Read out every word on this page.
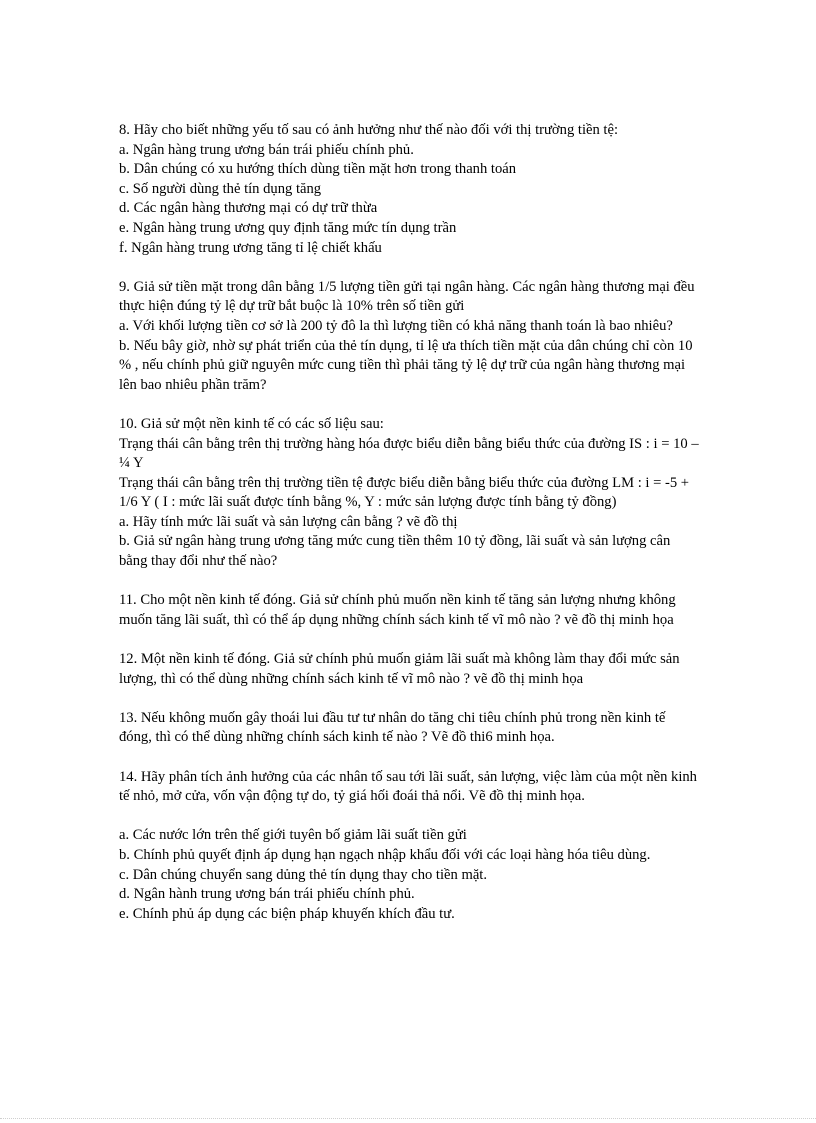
8. Hãy cho biết những yếu tố sau có ảnh hưởng như thế nào đối với thị trường tiền tệ:
a. Ngân hàng trung ương bán trái phiếu chính phủ.
b. Dân chúng có xu hướng thích dùng tiền mặt hơn trong thanh toán
c. Số người dùng thẻ tín dụng tăng
d. Các ngân hàng thương mại có dự trữ thừa
e. Ngân hàng trung ương quy định tăng mức tín dụng trần
f. Ngân hàng trung ương tăng tỉ lệ chiết khấu
9. Giả sử tiền mặt trong dân bằng 1/5 lượng tiền gửi tại ngân hàng. Các ngân hàng thương mại đều thực hiện đúng tỷ lệ dự trữ bắt buộc là 10% trên số tiền gửi
a. Với khối lượng tiền cơ sở là 200 tỷ đô la thì lượng tiền có khả năng thanh toán là bao nhiêu?
b. Nếu bây giờ, nhờ sự phát triển của thẻ tín dụng, tỉ lệ ưa thích tiền mặt của dân chúng chỉ còn 10 % , nếu chính phủ giữ nguyên mức cung tiền thì phải tăng tỷ lệ dự trữ của ngân hàng thương mại lên bao nhiêu phần trăm?
10. Giả sử một nền kinh tế có các số liệu sau:
Trạng thái cân bằng trên thị trường hàng hóa được biểu diễn bằng biểu thức của đường IS : i = 10 – ¼ Y
Trạng thái cân bằng trên thị trường tiền tệ được biểu diễn bằng biểu thức của đường LM : i = -5 + 1/6 Y ( I : mức lãi suất được tính bằng %, Y : mức sản lượng được tính bằng tỷ đồng)
a. Hãy tính mức lãi suất và sản lượng cân bằng ? vẽ đồ thị
b. Giả sử ngân hàng trung ương tăng mức cung tiền thêm 10 tỷ đồng, lãi suất và sản lượng cân bằng thay đổi như thế nào?
11. Cho một nền kinh tế đóng. Giả sử chính phủ muốn nền kinh tế tăng sản lượng nhưng không muốn tăng lãi suất, thì có thể áp dụng những chính sách kinh tế vĩ mô nào ? vẽ đồ thị minh họa
12. Một nền kinh tế đóng. Giả sử chính phủ muốn giảm lãi suất mà không làm thay đổi mức sản lượng, thì có thể dùng những chính sách kinh tế vĩ mô nào ? vẽ đồ thị minh họa
13. Nếu không muốn gây thoái lui đầu tư tư nhân do tăng chi tiêu chính phủ trong nền kinh tế đóng, thì có thể dùng những chính sách kinh tế nào ? Vẽ đồ thi6 minh họa.
14. Hãy phân tích ảnh hưởng của các nhân tố sau tới lãi suất, sản lượng, việc làm của một nền kinh tế nhỏ, mở cửa, vốn vận động tự do, tỷ giá hối đoái thả nổi. Vẽ đồ thị minh họa.
a. Các nước lớn trên thế giới tuyên bố giảm lãi suất tiền gửi
b. Chính phủ quyết định áp dụng hạn ngạch nhập khẩu đối với các loại hàng hóa tiêu dùng.
c. Dân chúng chuyển sang dủng thẻ tín dụng thay cho tiền mặt.
d. Ngân hành trung ương bán trái phiếu chính phủ.
e. Chính phủ áp dụng các biện pháp khuyến khích đầu tư.
